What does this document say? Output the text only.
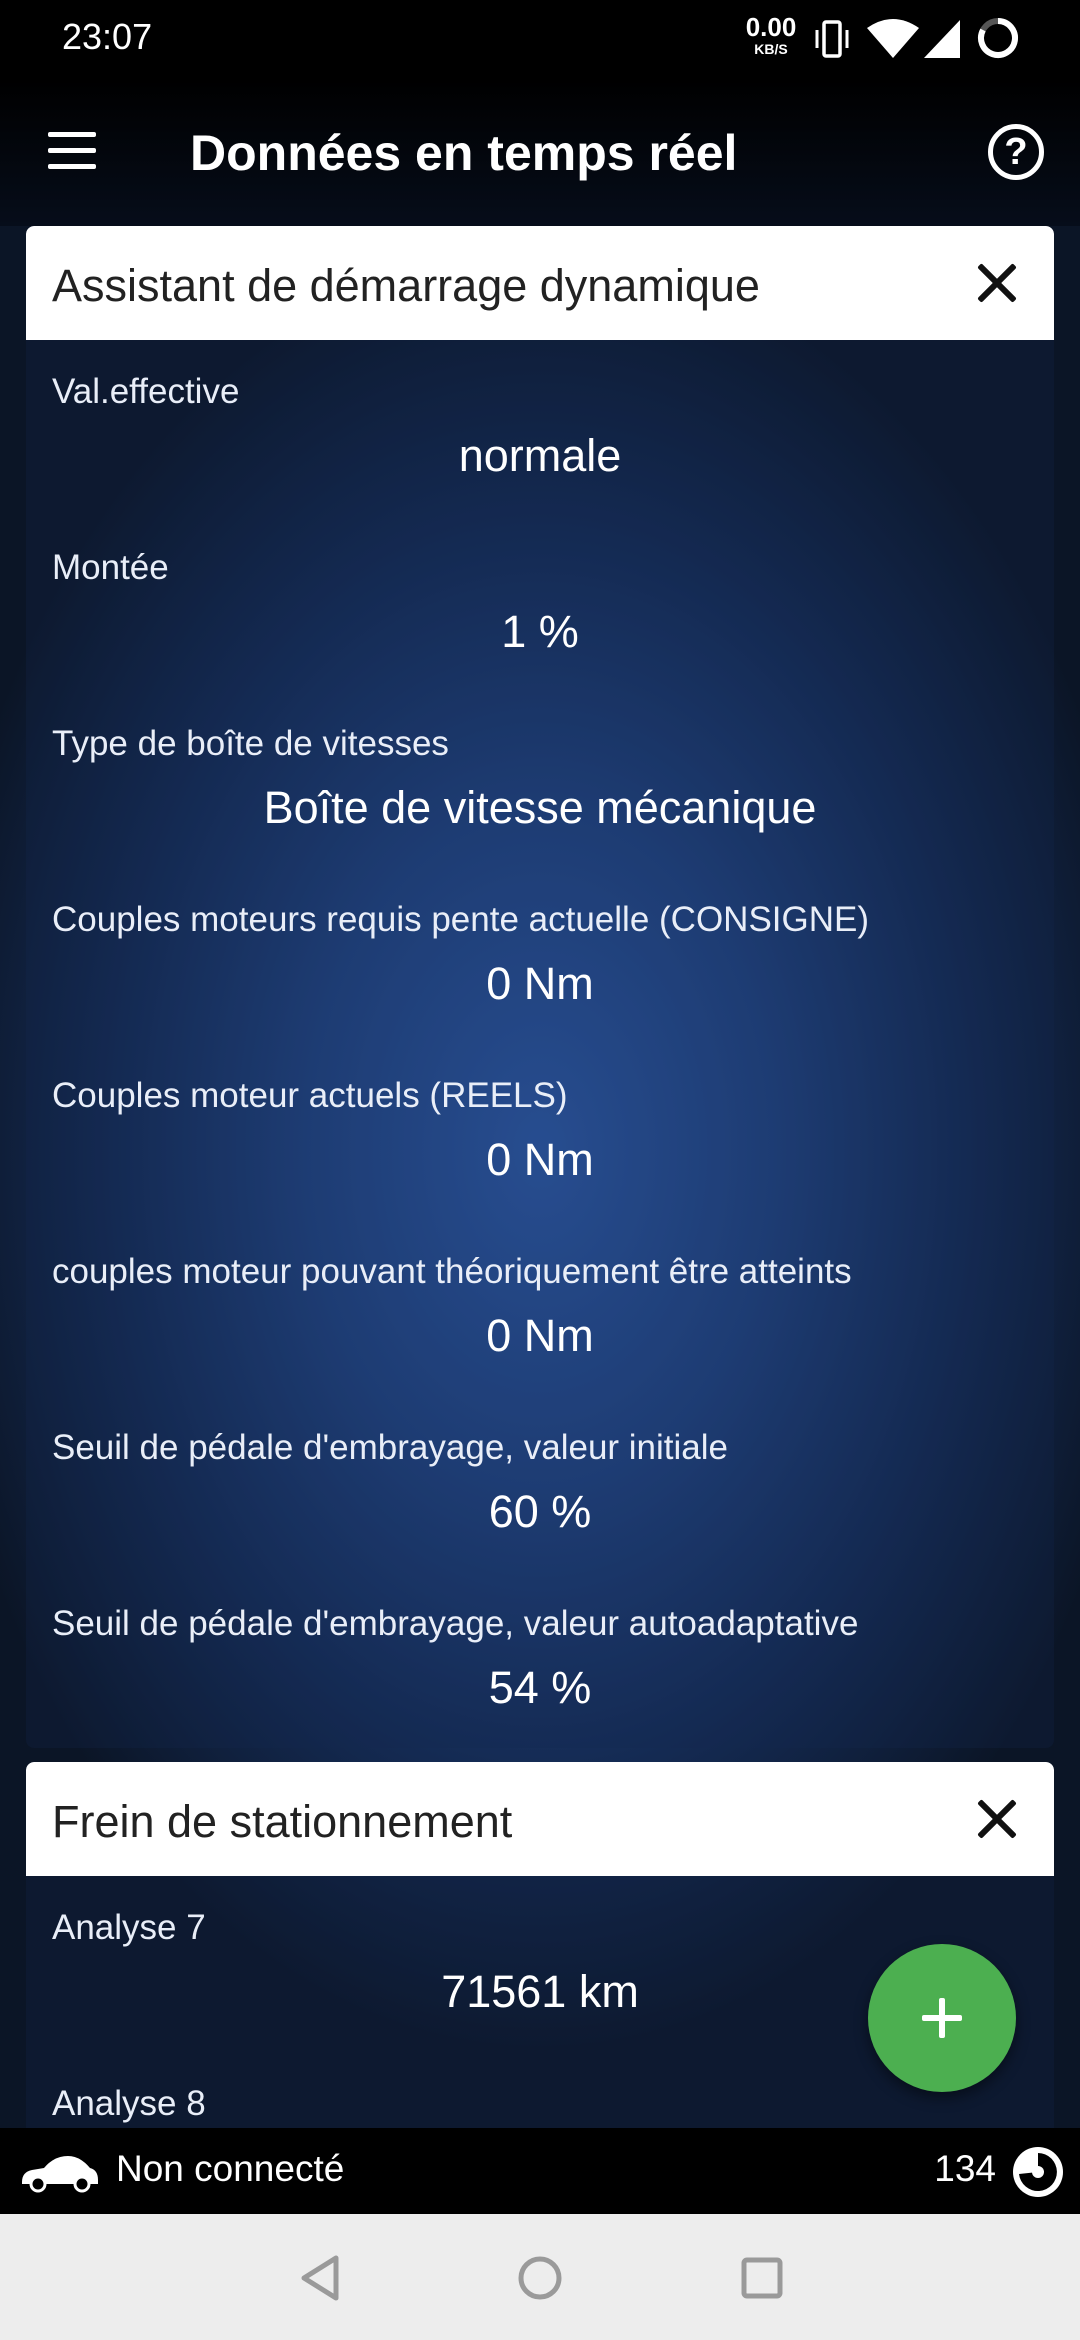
23:07	0.00
KB/S
Données en temps réel	?
Assistant de démarrage dynamique
Val.effective
normale
Montée
1 %
Type de boîte de vitesses
Boîte de vitesse mécanique
Couples moteurs requis pente actuelle (CONSIGNE)
0 Nm
Couples moteur actuels (REELS)
0 Nm
couples moteur pouvant théoriquement être atteints
0 Nm
Seuil de pédale d'embrayage, valeur initiale
60 %
Seuil de pédale d'embrayage, valeur autoadaptative
54 %
Frein de stationnement
Analyse 7
71561 km
Analyse 8
Non connecté	134
